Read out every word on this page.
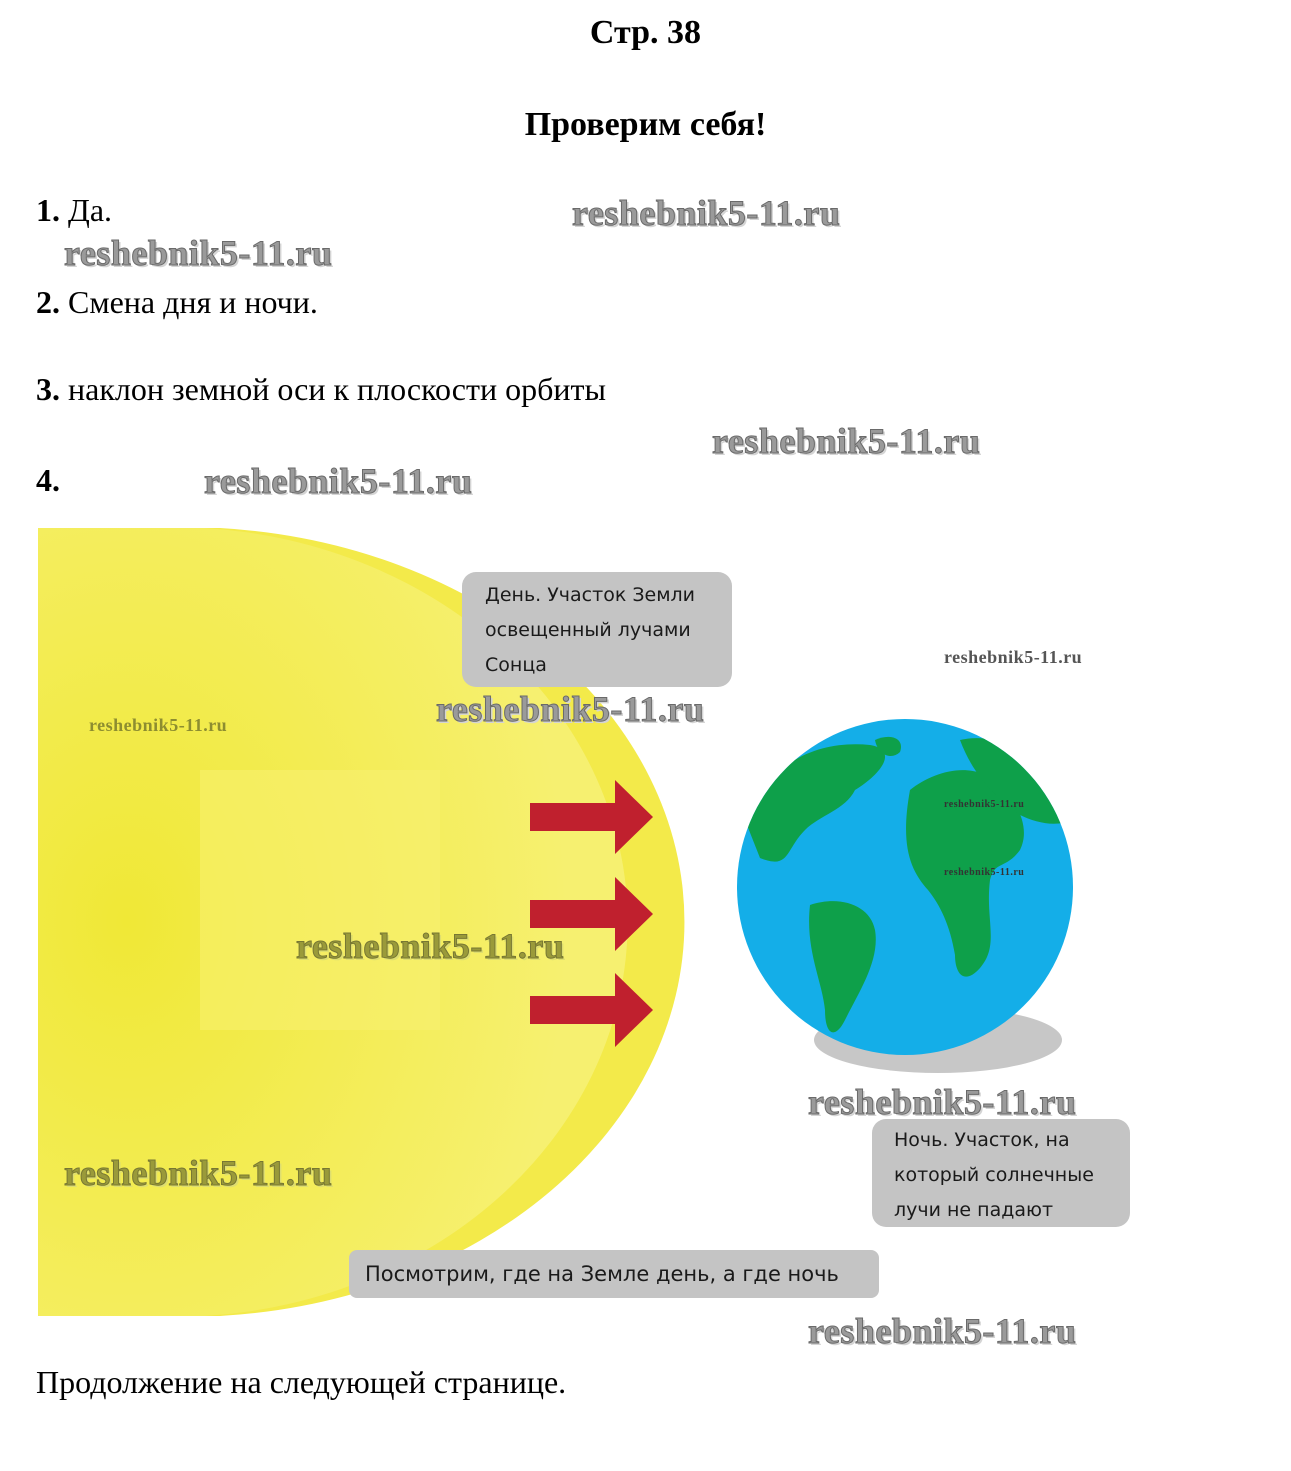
Стр. 38
Проверим себя!
1. Да.
2. Смена дня и ночи.
3. наклон земной оси к плоскости орбиты
4.
День. Участок Земли
освещенный лучами
Сонца
Ночь. Участок, на
который солнечные
лучи не падают
Посмотрим, где на Земле день, а где ночь
reshebnik5-11.ru
reshebnik5-11.ru
reshebnik5-11.ru
reshebnik5-11.ru
reshebnik5-11.ru
reshebnik5-11.ru
reshebnik5-11.ru
reshebnik5-11.ru
reshebnik5-11.ru
reshebnik5-11.ru
reshebnik5-11.ru
reshebnik5-11.ru
reshebnik5-11.ru
Продолжение на следующей странице.
